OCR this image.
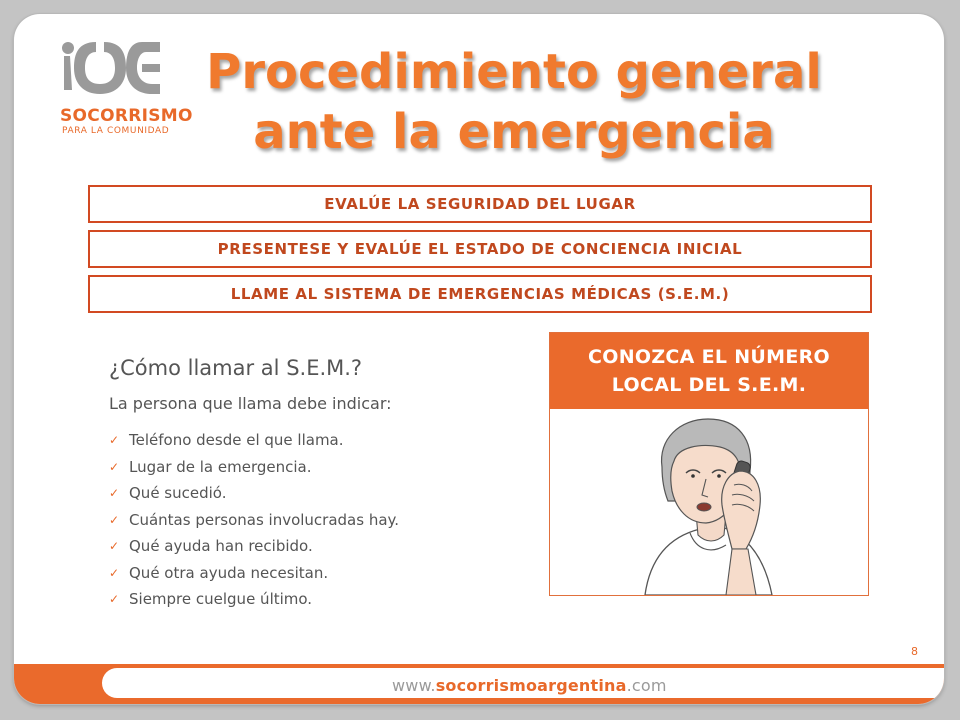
SOCORRISMO
PARA LA COMUNIDAD
Procedimiento general
ante la emergencia
EVALÚE LA SEGURIDAD DEL LUGAR
PRESENTESE Y EVALÚE EL ESTADO DE CONCIENCIA INICIAL
LLAME AL SISTEMA DE EMERGENCIAS MÉDICAS (S.E.M.)
¿Cómo llamar al S.E.M.?
La persona que llama debe indicar:
✓ Teléfono desde el que llama.
✓ Lugar de la emergencia.
✓ Qué sucedió.
✓ Cuántas personas involucradas hay.
✓ Qué ayuda han recibido.
✓ Qué otra ayuda necesitan.
✓ Siempre cuelgue último.
CONOZCA EL NÚMERO
LOCAL DEL S.E.M.
8
www.socorrismoargentina.com
